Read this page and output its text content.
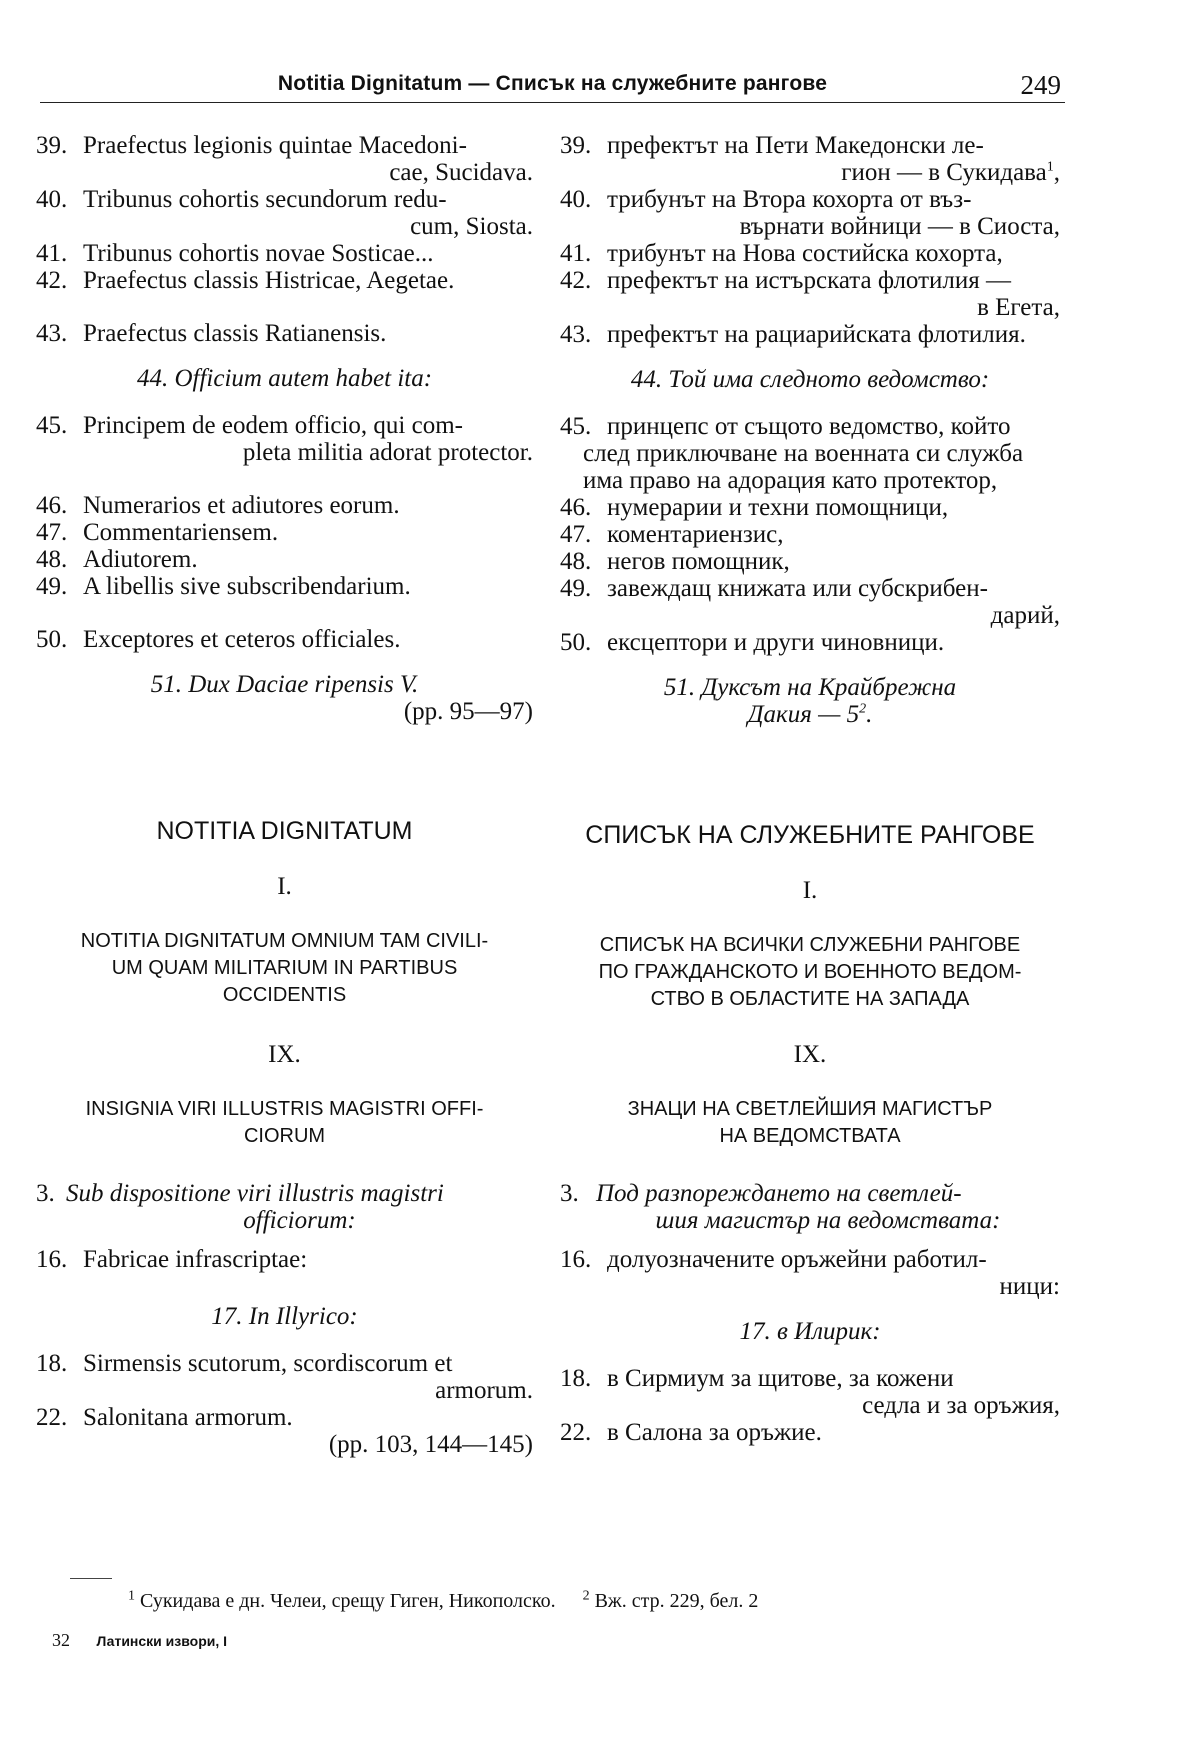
Notitia Dignitatum — Списък на служебните рангове	249
39. Praefectus legionis quintae Macedoni-
cae, Sucidava.
40. Tribunus cohortis secundorum redu-
cum, Siosta.
41. Tribunus cohortis novae Sosticae...
42. Praefectus classis Histricae, Aegetae.
43. Praefectus classis Ratianensis.
44. Officium autem habet ita:
45. Principem de eodem officio, qui com-
pleta militia adorat protector.
46. Numerarios et adiutores eorum.
47. Commentariensem.
48. Adiutorem.
49. A libellis sive subscribendarium.
50. Exceptores et ceteros officiales.
51. Dux Daciae ripensis V.
(pp. 95—97)
39. префектът на Пети Македонски ле-
гион — в Сукидава$^1$,
40. трибунът на Втора кохорта от въз-
върнати войници — в Сиоста,
41. трибунът на Нова состийска кохорта,
42. префектът на истърската флотилия —
в Егета,
43. префектът на рациарийската флотилия.
44. Той има следното ведомство:
45. принцепс от същото ведомство, който
след приключване на военната си служба
има право на адорация като протектор,
46. нумерарии и техни помощници,
47. коментариензис,
48. негов помощник,
49. завеждащ книжата или субскрибен-
дарий,
50. ексцептори и други чиновници.
51. Дуксът на Крайбрежна
Дакия — $5^2$.
NOTITIA DIGNITATUM
I.
NOTITIA DIGNITATUM OMNIUM TAM CIVILI-
UM QUAM MILITARIUM IN PARTIBUS
OCCIDENTIS
IX.
INSIGNIA VIRI ILLUSTRIS MAGISTRI OFFI-
CIORUM
3. Sub dispositione viri illustris magistri
officiorum:
16. Fabricae infrascriptae:
17. In Illyrico:
18. Sirmensis scutorum, scordiscorum et
armorum.
22. Salonitana armorum.
(pp. 103, 144—145)
СПИСЪК НА СЛУЖЕБНИТЕ РАНГОВЕ
I.
СПИСЪК НА ВСИЧКИ СЛУЖЕБНИ РАНГОВЕ
ПО ГРАЖДАНСКОТО И ВОЕННОТО ВЕДОМ-
СТВО В ОБЛАСТИТЕ НА ЗАПАДА
IX.
ЗНАЦИ НА СВЕТЛЕЙШИЯ МАГИСТЪР
НА ВЕДОМСТВАТА
3. Под разпореждането на светлей-
шия магистър на ведомствата:
16. долуозначените оръжейни работил-
ници:
17. в Илирик:
18. в Сирмиум за щитове, за кожени
седла и за оръжия,
22. в Салона за оръжие.
$^1$ Сукидава е дн. Челеи, срещу Гиген, Никополско. $^2$ Вж. стр. 229, бел. 2
32 Латински извори, I
